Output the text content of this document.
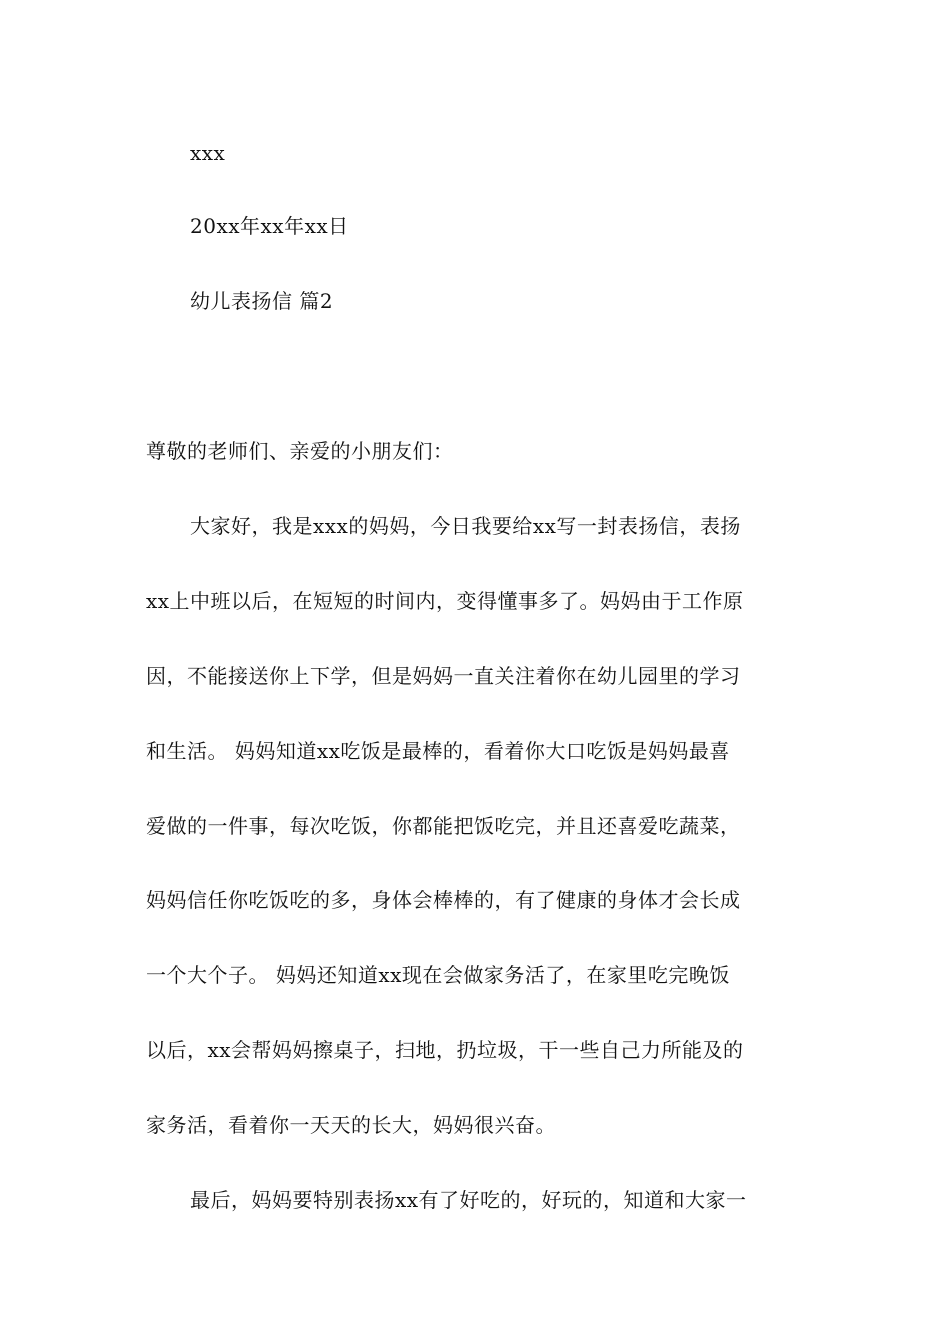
xxx
20xx年xx年xx日
幼儿表扬信 篇2
尊敬的老师们、亲爱的小朋友们：
大家好，我是xxx的妈妈，今日我要给xx写一封表扬信，表扬
xx上中班以后，在短短的时间内，变得懂事多了。妈妈由于工作原
因，不能接送你上下学，但是妈妈一直关注着你在幼儿园里的学习
和生活。 妈妈知道xx吃饭是最棒的，看着你大口吃饭是妈妈最喜
爱做的一件事，每次吃饭，你都能把饭吃完，并且还喜爱吃蔬菜，
妈妈信任你吃饭吃的多，身体会棒棒的，有了健康的身体才会长成
一个大个子。 妈妈还知道xx现在会做家务活了，在家里吃完晚饭
以后，xx会帮妈妈擦桌子，扫地，扔垃圾，干一些自己力所能及的
家务活，看着你一天天的长大，妈妈很兴奋。
最后，妈妈要特别表扬xx有了好吃的，好玩的，知道和大家一
